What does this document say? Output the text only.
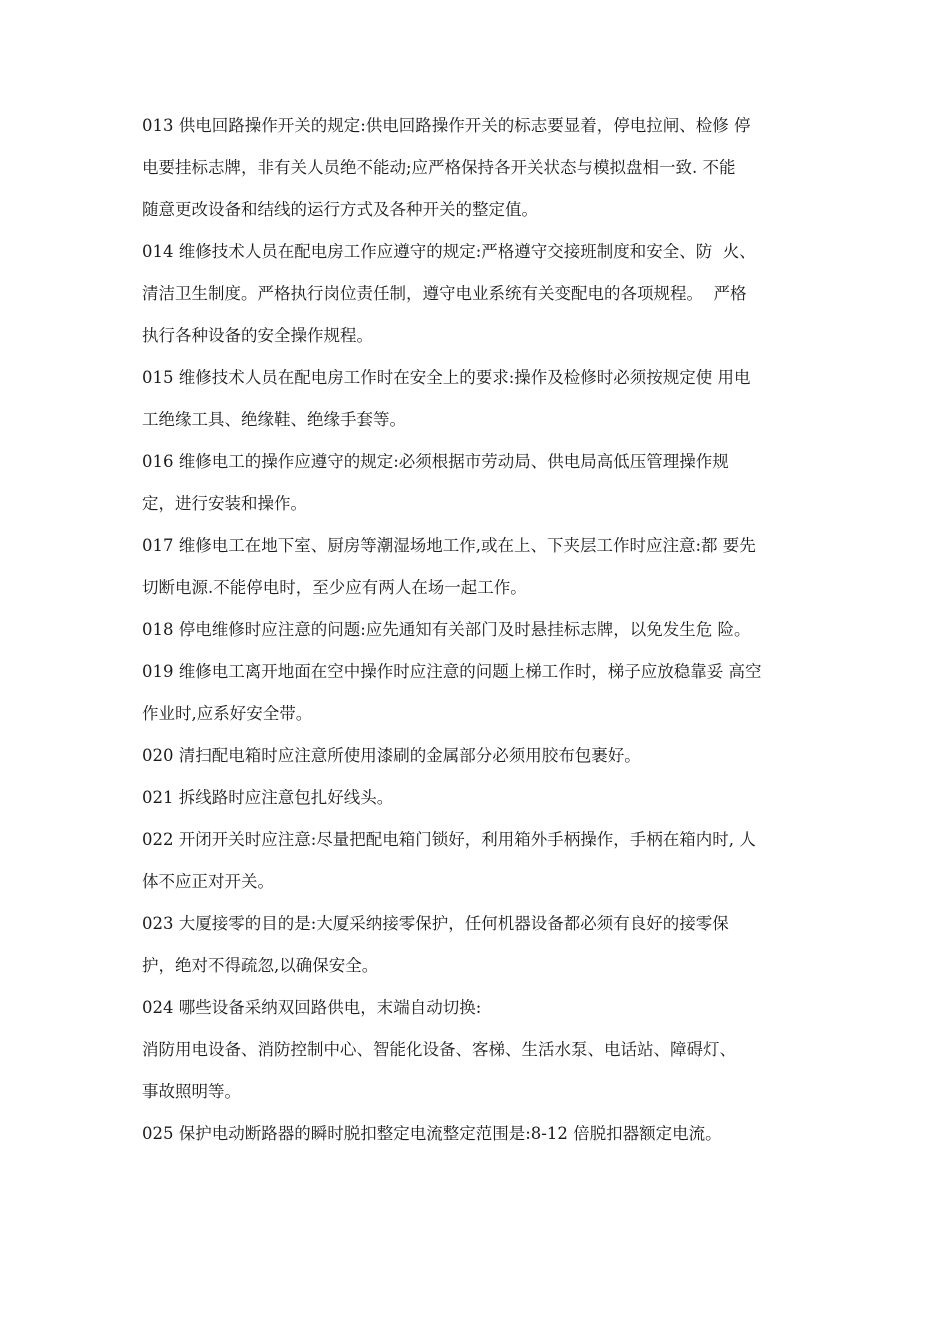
013 供电回路操作开关的规定:供电回路操作开关的标志要显着，停电拉闸、检修 停

电要挂标志牌，非有关人员绝不能动;应严格保持各开关状态与模拟盘相一致. 不能

随意更改设备和结线的运行方式及各种开关的整定值。

014 维修技术人员在配电房工作应遵守的规定:严格遵守交接班制度和安全、防  火、

清洁卫生制度。严格执行岗位责任制，遵守电业系统有关变配电的各项规程。  严格

执行各种设备的安全操作规程。

015 维修技术人员在配电房工作时在安全上的要求:操作及检修时必须按规定使 用电

工绝缘工具、绝缘鞋、绝缘手套等。

016 维修电工的操作应遵守的规定:必须根据市劳动局、供电局高低压管理操作规

定，进行安装和操作。

017 维修电工在地下室、厨房等潮湿场地工作,或在上、下夹层工作时应注意:都 要先

切断电源.不能停电时，至少应有两人在场一起工作。

018 停电维修时应注意的问题:应先通知有关部门及时悬挂标志牌，以免发生危 险。

019 维修电工离开地面在空中操作时应注意的问题上梯工作时，梯子应放稳靠妥 高空

作业时,应系好安全带。

020 清扫配电箱时应注意所使用漆刷的金属部分必须用胶布包裹好。

021 拆线路时应注意包扎好线头。

022 开闭开关时应注意:尽量把配电箱门锁好，利用箱外手柄操作，手柄在箱内时, 人

体不应正对开关。

023 大厦接零的目的是:大厦采纳接零保护，任何机器设备都必须有良好的接零保

护，绝对不得疏忽,以确保安全。

024 哪些设备采纳双回路供电，末端自动切换:

消防用电设备、消防控制中心、智能化设备、客梯、生活水泵、电话站、障碍灯、

事故照明等。

025 保护电动断路器的瞬时脱扣整定电流整定范围是:8-12 倍脱扣器额定电流。
